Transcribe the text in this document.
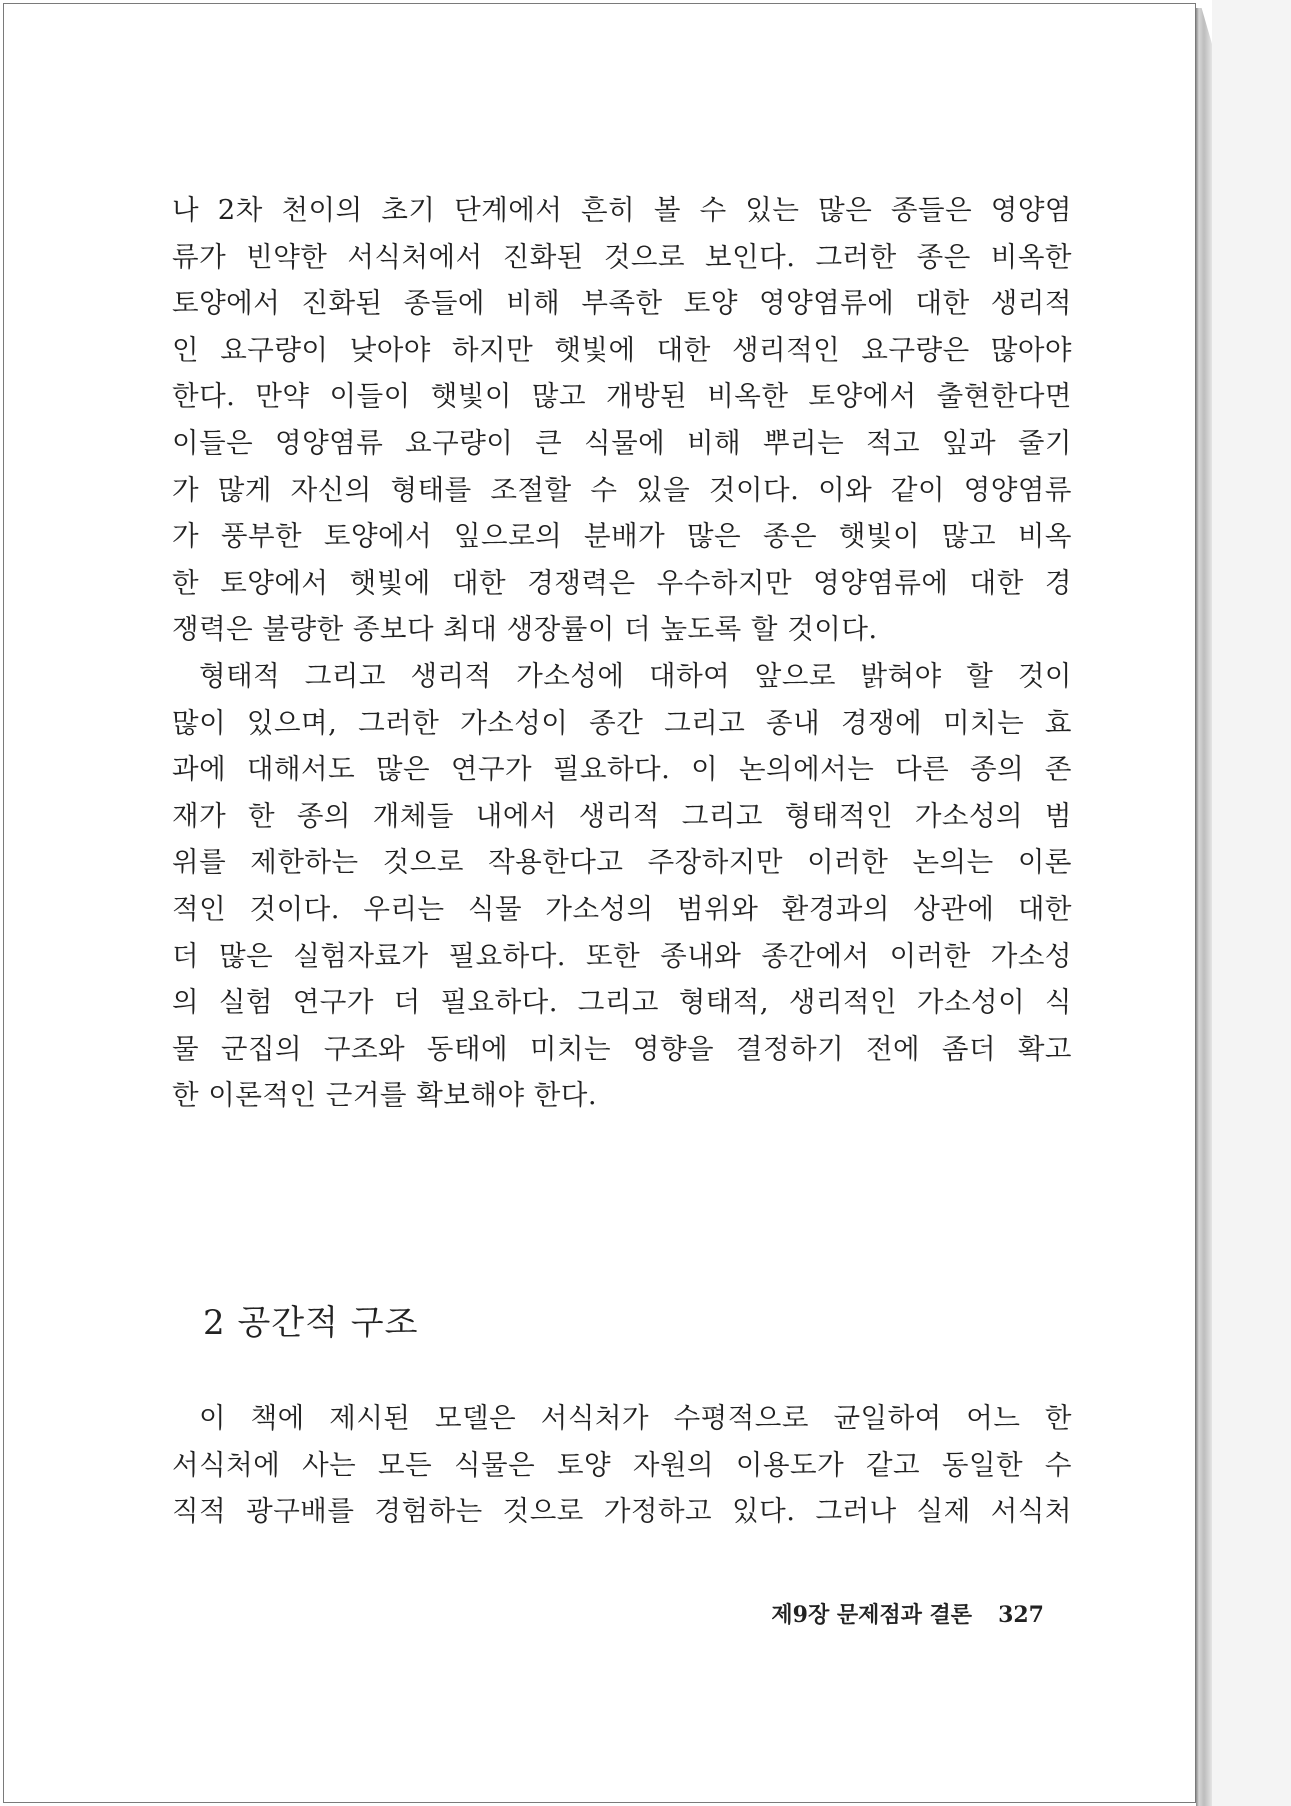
나 2차 천이의 초기 단계에서 흔히 볼 수 있는 많은 종들은 영양염
류가 빈약한 서식처에서 진화된 것으로 보인다. 그러한 종은 비옥한
토양에서 진화된 종들에 비해 부족한 토양 영양염류에 대한 생리적
인 요구량이 낮아야 하지만 햇빛에 대한 생리적인 요구량은 많아야
한다. 만약 이들이 햇빛이 많고 개방된 비옥한 토양에서 출현한다면
이들은 영양염류 요구량이 큰 식물에 비해 뿌리는 적고 잎과 줄기
가 많게 자신의 형태를 조절할 수 있을 것이다. 이와 같이 영양염류
가 풍부한 토양에서 잎으로의 분배가 많은 종은 햇빛이 많고 비옥
한 토양에서 햇빛에 대한 경쟁력은 우수하지만 영양염류에 대한 경
쟁력은 불량한 종보다 최대 생장률이 더 높도록 할 것이다.
형태적 그리고 생리적 가소성에 대하여 앞으로 밝혀야 할 것이
많이 있으며, 그러한 가소성이 종간 그리고 종내 경쟁에 미치는 효
과에 대해서도 많은 연구가 필요하다. 이 논의에서는 다른 종의 존
재가 한 종의 개체들 내에서 생리적 그리고 형태적인 가소성의 범
위를 제한하는 것으로 작용한다고 주장하지만 이러한 논의는 이론
적인 것이다. 우리는 식물 가소성의 범위와 환경과의 상관에 대한
더 많은 실험자료가 필요하다. 또한 종내와 종간에서 이러한 가소성
의 실험 연구가 더 필요하다. 그리고 형태적, 생리적인 가소성이 식
물 군집의 구조와 동태에 미치는 영향을 결정하기 전에 좀더 확고
한 이론적인 근거를 확보해야 한다.
2 공간적 구조
이 책에 제시된 모델은 서식처가 수평적으로 균일하여 어느 한
서식처에 사는 모든 식물은 토양 자원의 이용도가 같고 동일한 수
직적 광구배를 경험하는 것으로 가정하고 있다. 그러나 실제 서식처
제9장 문제점과 결론 327
